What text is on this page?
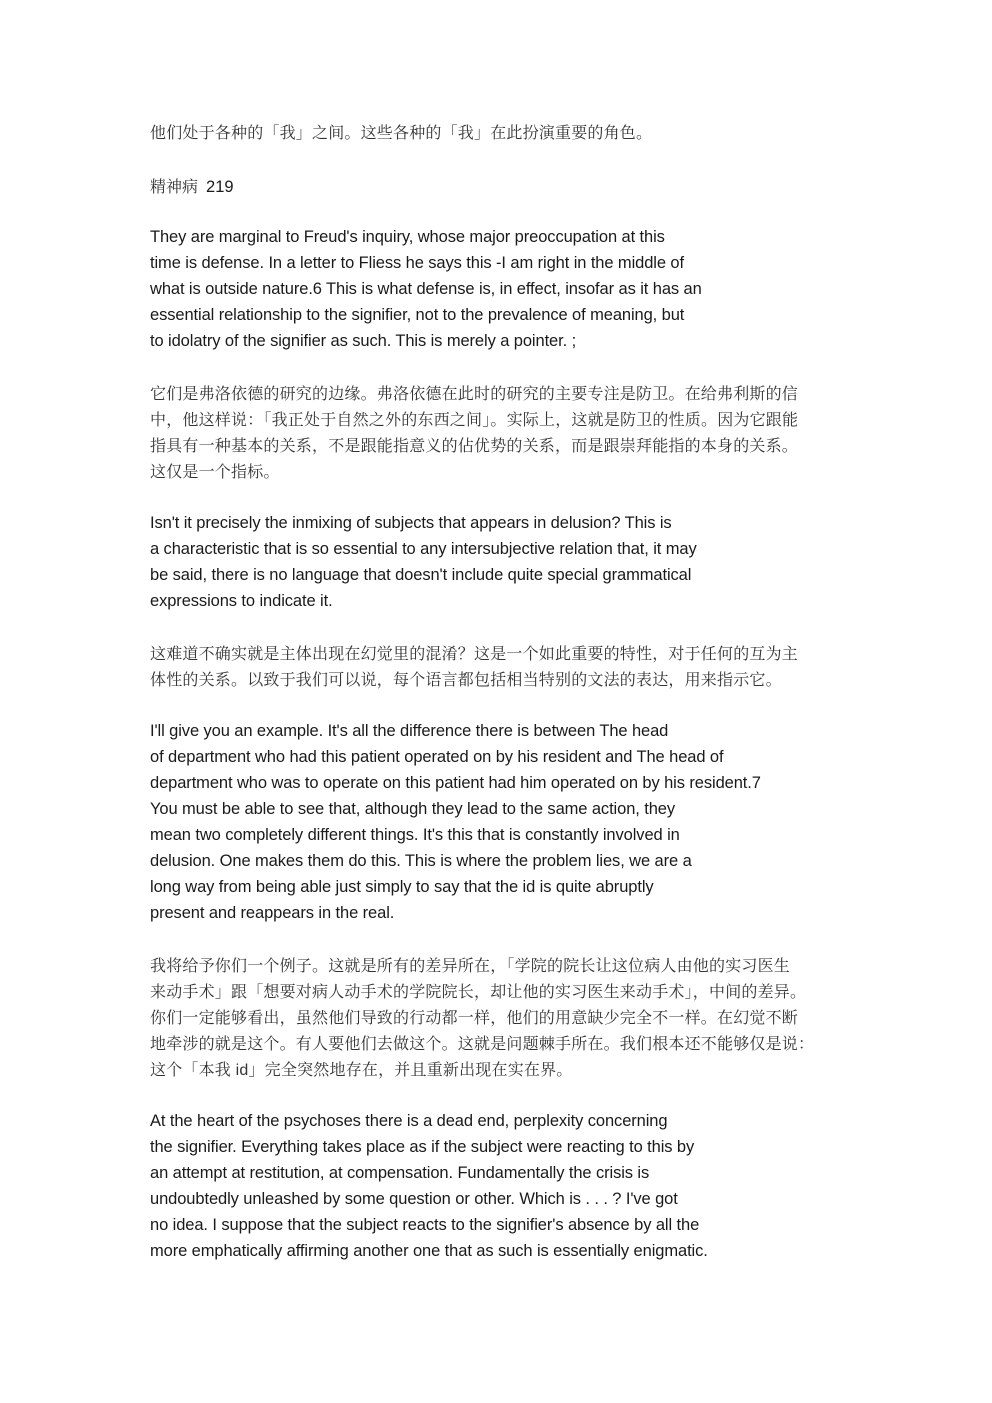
他们处于各种的「我」之间。这些各种的「我」在此扮演重要的角色。
精神病 219
They are marginal to Freud's inquiry, whose major preoccupation at this
time is defense. In a letter to Fliess he says this -I am right in the middle of
what is outside nature.6 This is what defense is, in effect, insofar as it has an
essential relationship to the signifier, not to the prevalence of meaning, but
to idolatry of the signifier as such. This is merely a pointer. ;
它们是弗洛依德的研究的边缘。弗洛依德在此时的研究的主要专注是防卫。在给弗利斯的信
中，他这样说：「我正处于自然之外的东西之间」。实际上，这就是防卫的性质。因为它跟能
指具有一种基本的关系，不是跟能指意义的佔优势的关系，而是跟崇拜能指的本身的关系。
这仅是一个指标。
Isn't it precisely the inmixing of subjects that appears in delusion? This is
a characteristic that is so essential to any intersubjective relation that, it may
be said, there is no language that doesn't include quite special grammatical
expressions to indicate it.
这难道不确实就是主体出现在幻觉里的混淆？这是一个如此重要的特性，对于任何的互为主
体性的关系。以致于我们可以说，每个语言都包括相当特别的文法的表达，用来指示它。
I'll give you an example. It's all the difference there is between The head
of department who had this patient operated on by his resident and The head of
department who was to operate on this patient had him operated on by his resident.7
You must be able to see that, although they lead to the same action, they
mean two completely different things. It's this that is constantly involved in
delusion. One makes them do this. This is where the problem lies, we are a
long way from being able just simply to say that the id is quite abruptly
present and reappears in the real.
我将给予你们一个例子。这就是所有的差异所在，「学院的院长让这位病人由他的实习医生
来动手术」跟「想要对病人动手术的学院院长，却让他的实习医生来动手术」，中间的差异。
你们一定能够看出，虽然他们导致的行动都一样，他们的用意缺少完全不一样。在幻觉不断
地牵涉的就是这个。有人要他们去做这个。这就是问题棘手所在。我们根本还不能够仅是说：
这个「本我 id」完全突然地存在，并且重新出现在实在界。
At the heart of the psychoses there is a dead end, perplexity concerning
the signifier. Everything takes place as if the subject were reacting to this by
an attempt at restitution, at compensation. Fundamentally the crisis is
undoubtedly unleashed by some question or other. Which is . . . ? I've got
no idea. I suppose that the subject reacts to the signifier's absence by all the
more emphatically affirming another one that as such is essentially enigmatic.
